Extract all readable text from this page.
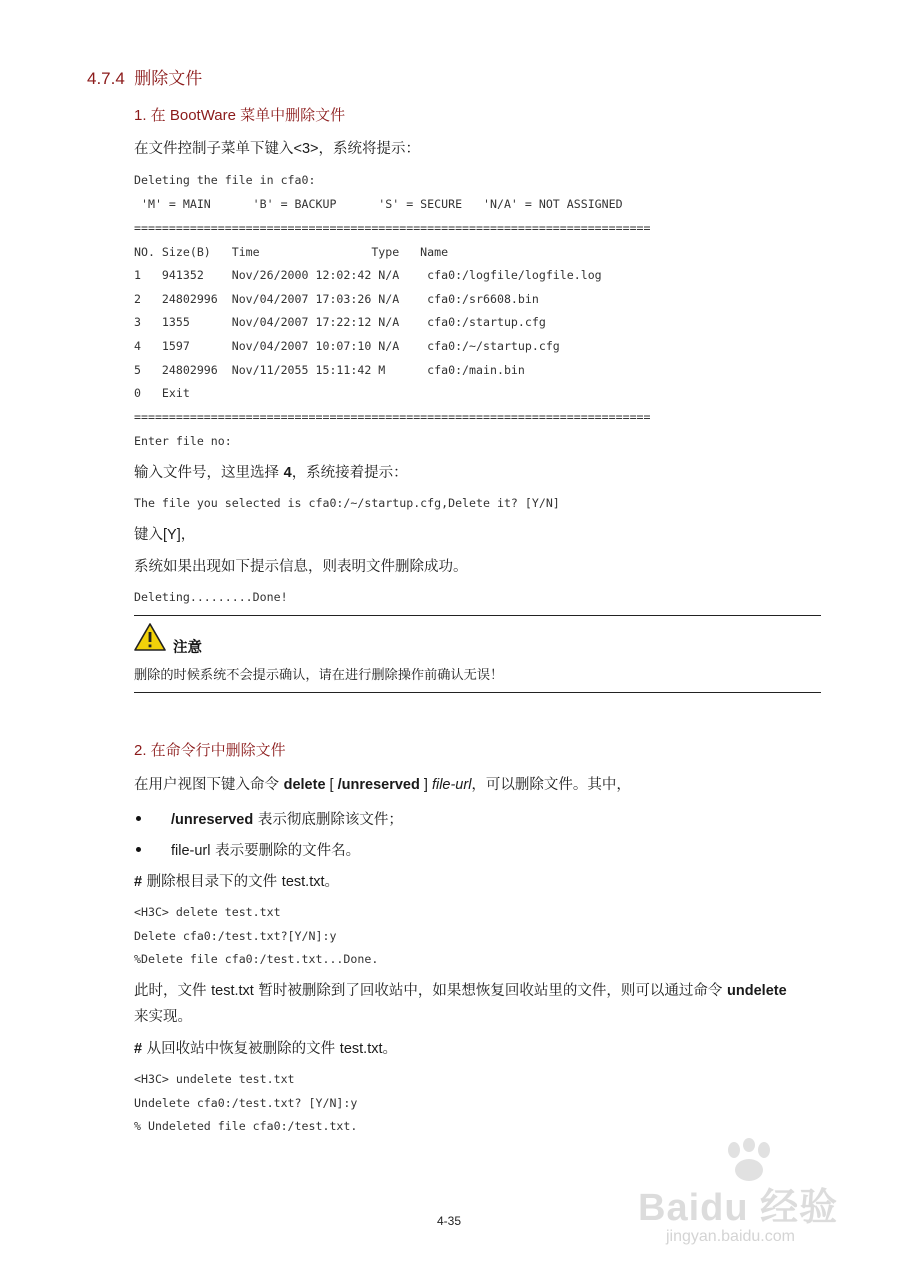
4.7.4  删除文件
1. 在 BootWare 菜单中删除文件
在文件控制子菜单下键入<3>，系统将提示：
Deleting the file in cfa0:
'M' = MAIN      'B' = BACKUP      'S' = SECURE   'N/A' = NOT ASSIGNED
==========================================================================
NO. Size(B)   Time                Type   Name
1   941352    Nov/26/2000 12:02:42 N/A    cfa0:/logfile/logfile.log
2   24802996  Nov/04/2007 17:03:26 N/A    cfa0:/sr6608.bin
3   1355      Nov/04/2007 17:22:12 N/A    cfa0:/startup.cfg
4   1597      Nov/04/2007 10:07:10 N/A    cfa0:/~/startup.cfg
5   24802996  Nov/11/2055 15:11:42 M      cfa0:/main.bin
0   Exit
==========================================================================
Enter file no:
输入文件号，这里选择 4，系统接着提示：
The file you selected is cfa0:/~/startup.cfg,Delete it? [Y/N]
键入[Y]，
系统如果出现如下提示信息，则表明文件删除成功。
Deleting.........Done!
注意
删除的时候系统不会提示确认，请在进行删除操作前确认无误！
2. 在命令行中删除文件
在用户视图下键入命令 delete [ /unreserved ] file-url，可以删除文件。其中，
/unreserved 表示彻底删除该文件；
file-url 表示要删除的文件名。
# 删除根目录下的文件 test.txt。
<H3C> delete test.txt
Delete cfa0:/test.txt?[Y/N]:y
%Delete file cfa0:/test.txt...Done.
此时，文件 test.txt 暂时被删除到了回收站中，如果想恢复回收站里的文件，则可以通过命令 undelete
来实现。
# 从回收站中恢复被删除的文件 test.txt。
<H3C> undelete test.txt
Undelete cfa0:/test.txt? [Y/N]:y
% Undeleted file cfa0:/test.txt.
Baidu 经验
jingyan.baidu.com
4-35
